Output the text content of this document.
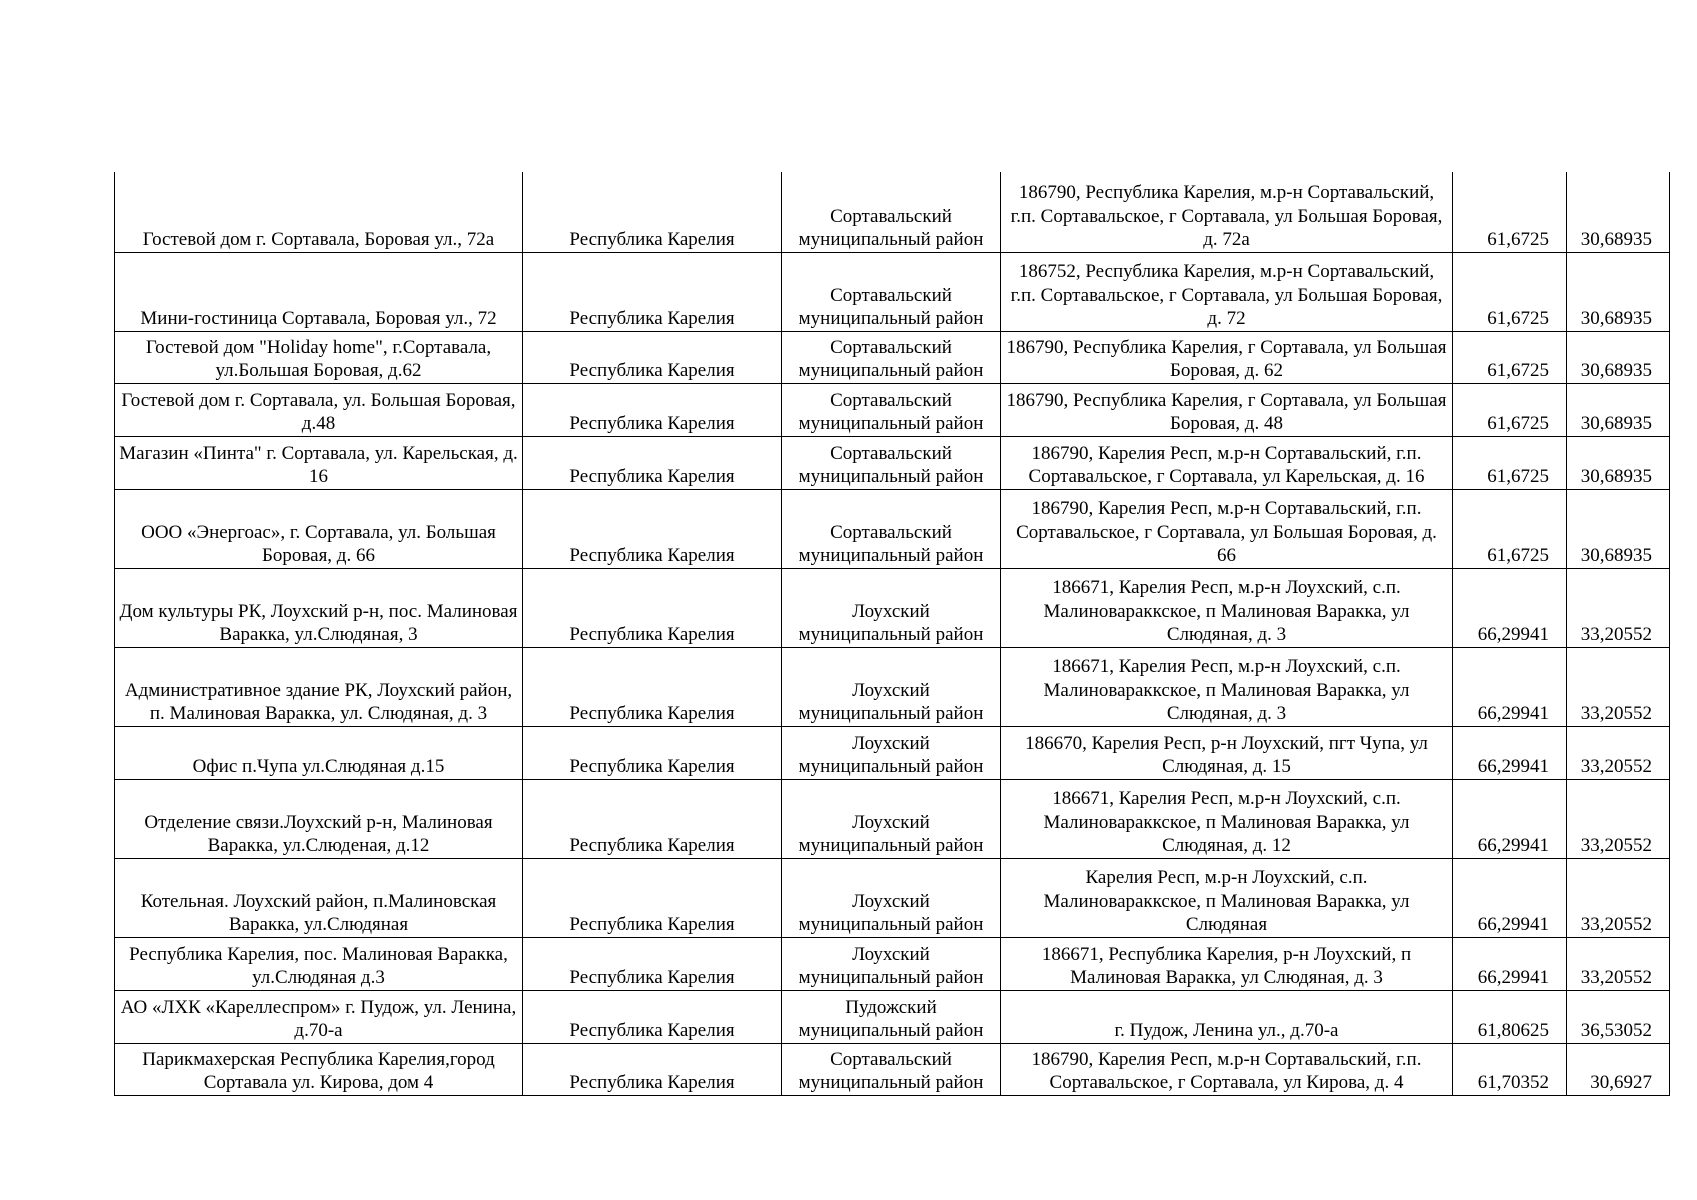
Гостевой дом г. Сортавала, Боровая ул., 72а	Республика Карелия	Сортавальский муниципальный район	186790, Республика Карелия, м.р-н Сортавальский, г.п. Сортавальское, г Сортавала, ул Большая Боровая, д. 72а	61,6725	30,68935
Мини-гостиница Сортавала, Боровая ул., 72	Республика Карелия	Сортавальский муниципальный район	186752, Республика Карелия, м.р-н Сортавальский, г.п. Сортавальское, г Сортавала, ул Большая Боровая, д. 72	61,6725	30,68935
Гостевой дом "Holiday home", г.Сортавала, ул.Большая Боровая, д.62	Республика Карелия	Сортавальский муниципальный район	186790, Республика Карелия, г Сортавала, ул Большая Боровая, д. 62	61,6725	30,68935
Гостевой дом г. Сортавала, ул. Большая Боровая, д.48	Республика Карелия	Сортавальский муниципальный район	186790, Республика Карелия, г Сортавала, ул Большая Боровая, д. 48	61,6725	30,68935
Магазин «Пинта" г. Сортавала, ул. Карельская, д. 16	Республика Карелия	Сортавальский муниципальный район	186790, Карелия Респ, м.р-н Сортавальский, г.п. Сортавальское, г Сортавала, ул Карельская, д. 16	61,6725	30,68935
ООО «Энергоас», г. Сортавала, ул. Большая Боровая, д. 66	Республика Карелия	Сортавальский муниципальный район	186790, Карелия Респ, м.р-н Сортавальский, г.п. Сортавальское, г Сортавала, ул Большая Боровая, д. 66	61,6725	30,68935
Дом культуры РК, Лоухский р-н, пос. Малиновая Варакка, ул.Слюдяная, 3	Республика Карелия	Лоухский муниципальный район	186671, Карелия Респ, м.р-н Лоухский, с.п. Малиновараккское, п Малиновая Варакка, ул Слюдяная, д. 3	66,29941	33,20552
Административное здание РК, Лоухский район, п. Малиновая Варакка, ул. Слюдяная, д. 3	Республика Карелия	Лоухский муниципальный район	186671, Карелия Респ, м.р-н Лоухский, с.п. Малиновараккское, п Малиновая Варакка, ул Слюдяная, д. 3	66,29941	33,20552
Офис п.Чупа ул.Слюдяная д.15	Республика Карелия	Лоухский муниципальный район	186670, Карелия Респ, р-н Лоухский, пгт Чупа, ул Слюдяная, д. 15	66,29941	33,20552
Отделение связи.Лоухский р-н, Малиновая Варакка, ул.Слюденая, д.12	Республика Карелия	Лоухский муниципальный район	186671, Карелия Респ, м.р-н Лоухский, с.п. Малиновараккское, п Малиновая Варакка, ул Слюдяная, д. 12	66,29941	33,20552
Котельная. Лоухский район, п.Малиновская Варакка, ул.Слюдяная	Республика Карелия	Лоухский муниципальный район	Карелия Респ, м.р-н Лоухский, с.п. Малиновараккское, п Малиновая Варакка, ул Слюдяная	66,29941	33,20552
Республика Карелия, пос. Малиновая Варакка, ул.Слюдяная д.3	Республика Карелия	Лоухский муниципальный район	186671, Республика Карелия, р-н Лоухский, п Малиновая Варакка, ул Слюдяная, д. 3	66,29941	33,20552
АО «ЛХК «Кареллеспром» г. Пудож, ул. Ленина, д.70-а	Республика Карелия	Пудожский муниципальный район	г. Пудож, Ленина ул., д.70-а	61,80625	36,53052
Парикмахерская Республика Карелия,город Сортавала ул. Кирова, дом 4	Республика Карелия	Сортавальский муниципальный район	186790, Карелия Респ, м.р-н Сортавальский, г.п. Сортавальское, г Сортавала, ул Кирова, д. 4	61,70352	30,6927
